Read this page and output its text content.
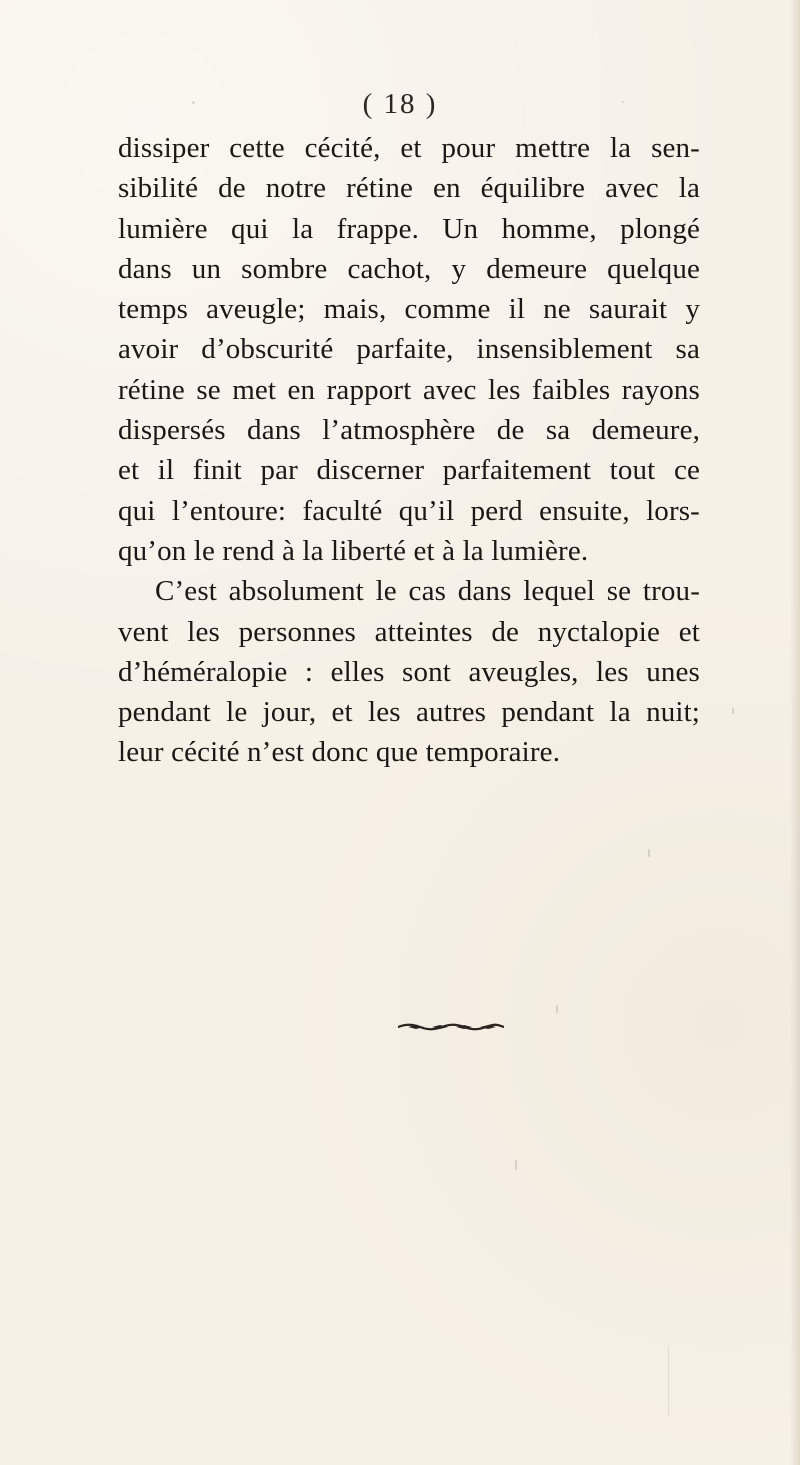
( 18 )
dissiper cette cécité, et pour mettre la sen-
sibilité de notre rétine en équilibre avec la
lumière qui la frappe. Un homme, plongé
dans un sombre cachot, y demeure quelque
temps aveugle; mais, comme il ne saurait y
avoir d’obscurité parfaite, insensiblement sa
rétine se met en rapport avec les faibles rayons
dispersés dans l’atmosphère de sa demeure,
et il finit par discerner parfaitement tout ce
qui l’entoure: faculté qu’il perd ensuite, lors-
qu’on le rend à la liberté et à la lumière.
C’est absolument le cas dans lequel se trou-
vent les personnes atteintes de nyctalopie et
d’héméralopie : elles sont aveugles, les unes
pendant le jour, et les autres pendant la nuit;
leur cécité n’est donc que temporaire.
